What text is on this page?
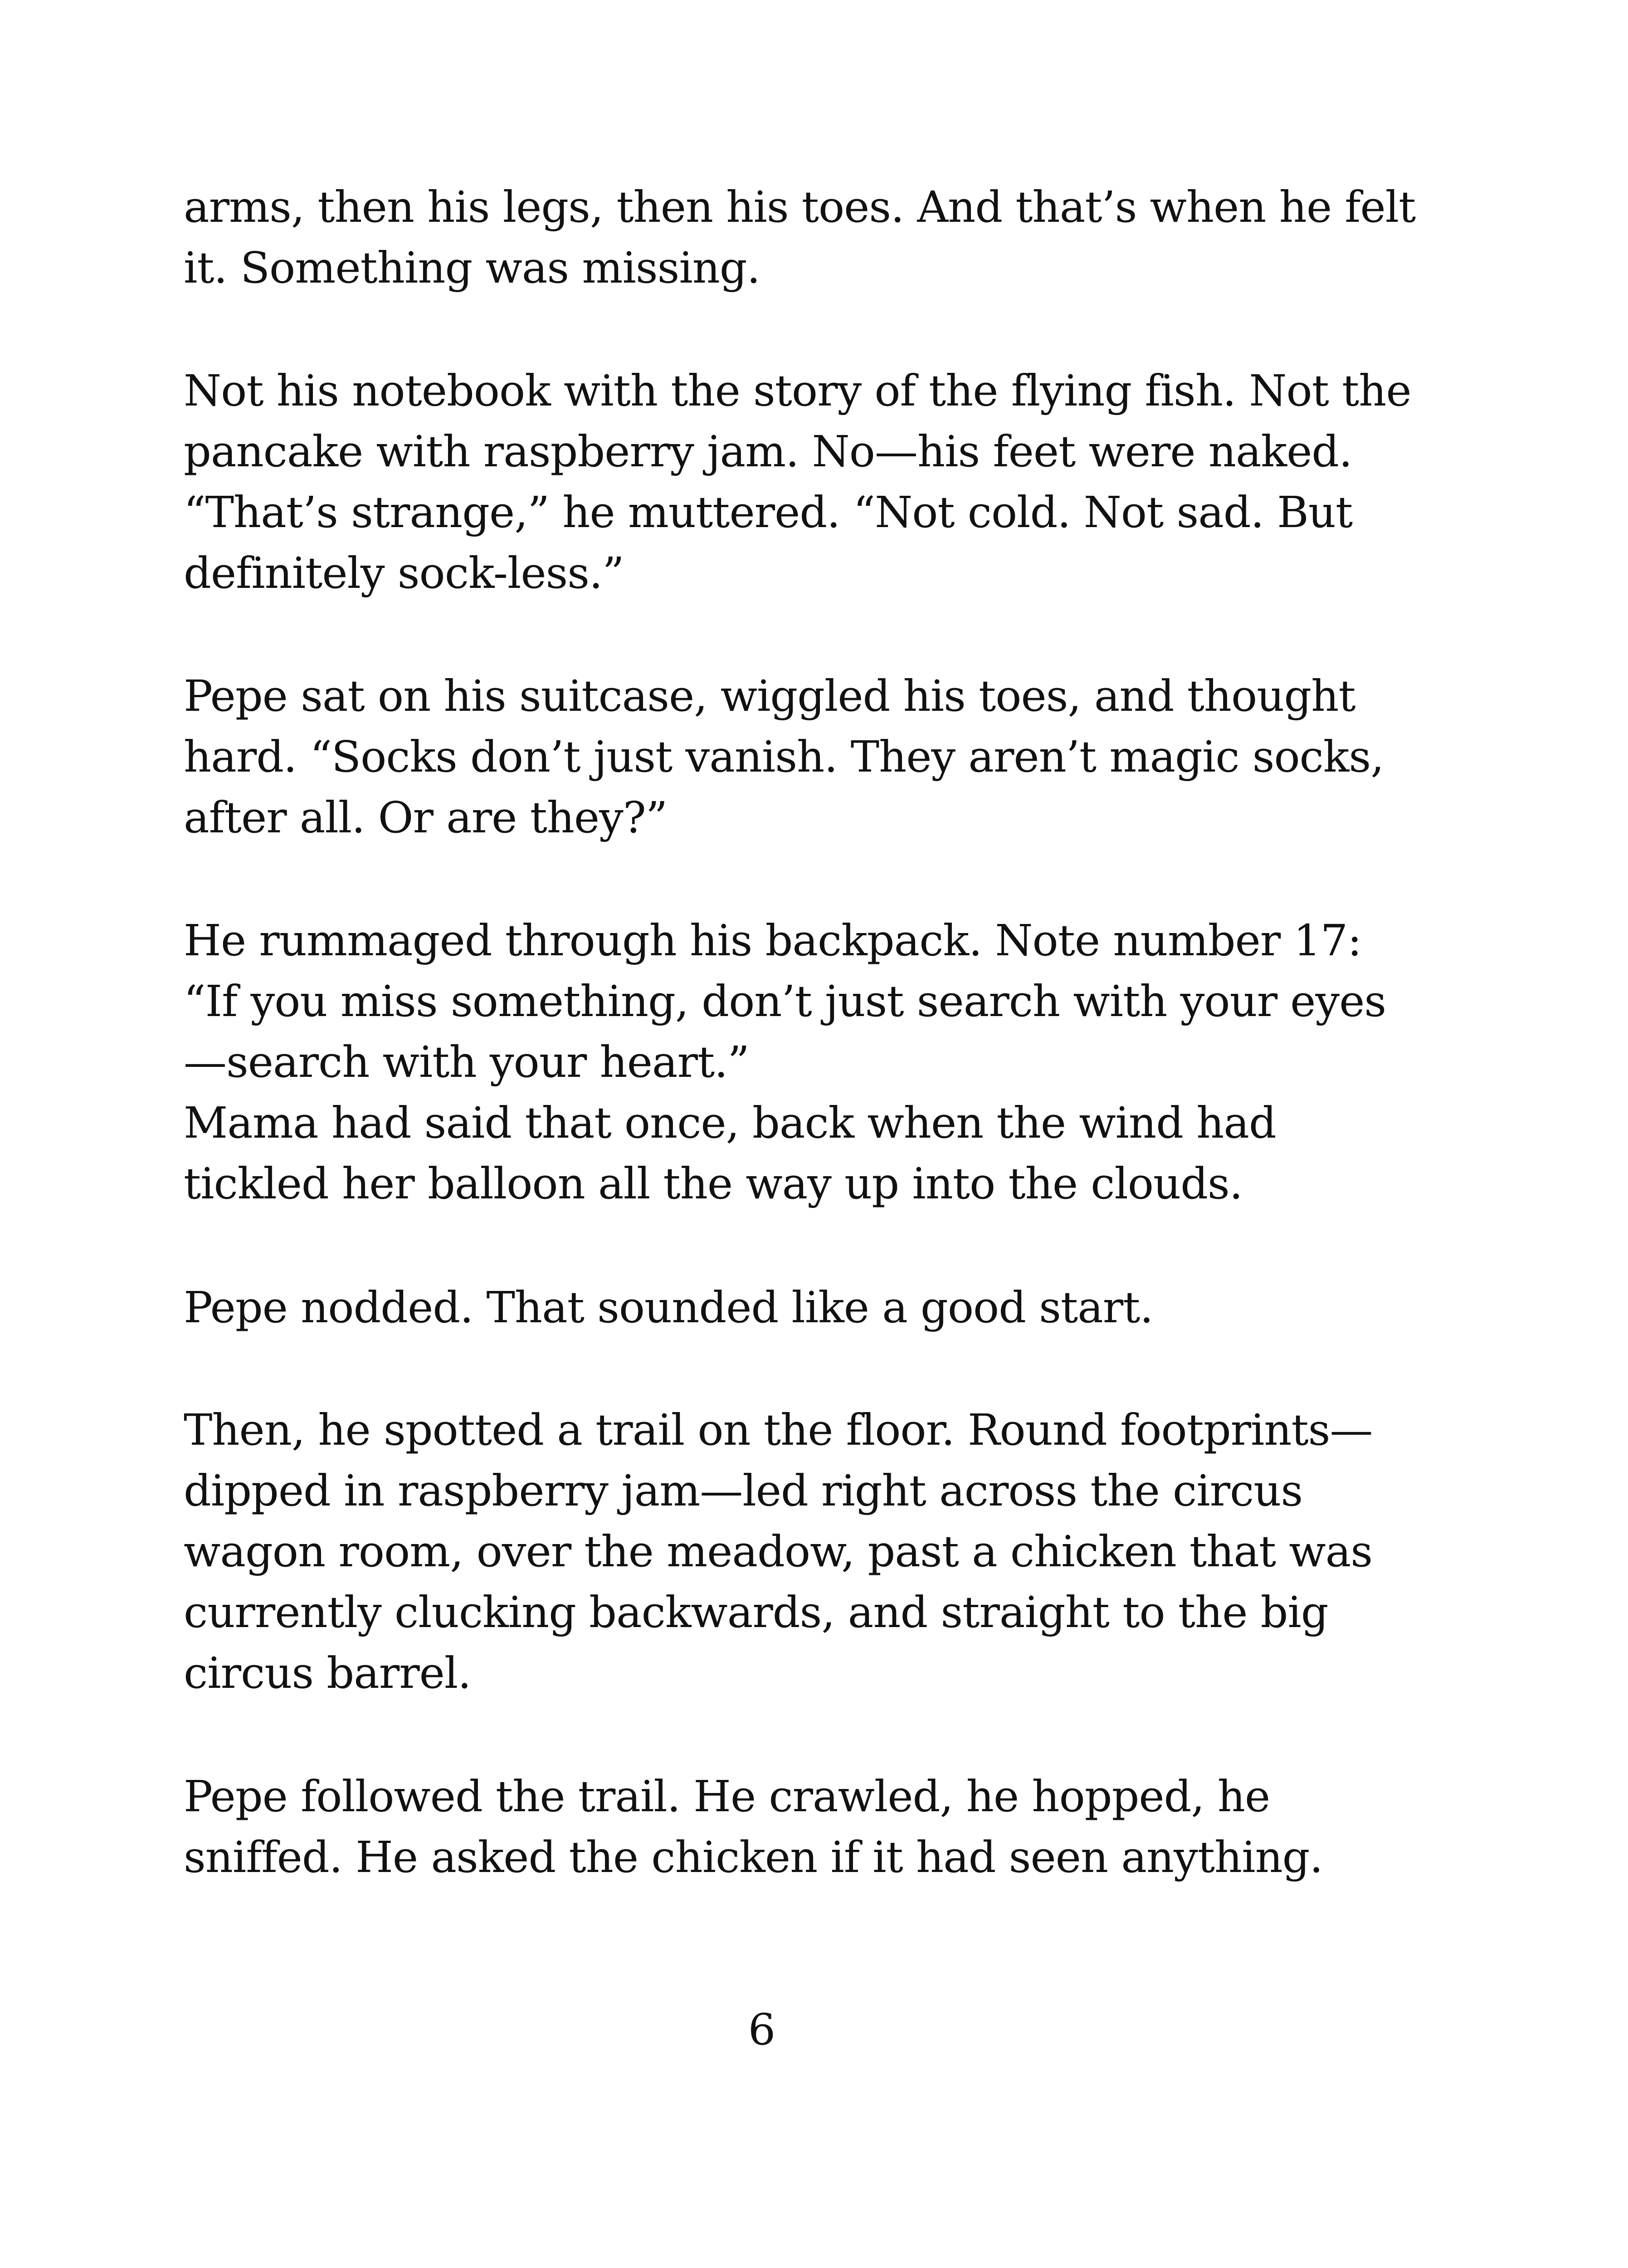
arms, then his legs, then his toes. And that’s when he felt

it. Something was missing.

Not his notebook with the story of the flying fish. Not the

pancake with raspberry jam. No—his feet were naked.

“That’s strange,” he muttered. “Not cold. Not sad. But

definitely sock-less.”

Pepe sat on his suitcase, wiggled his toes, and thought

hard. “Socks don’t just vanish. They aren’t magic socks,

after all. Or are they?”

He rummaged through his backpack. Note number 17:

“If you miss something, don’t just search with your eyes

—search with your heart.”

Mama had said that once, back when the wind had

tickled her balloon all the way up into the clouds.

Pepe nodded. That sounded like a good start.

Then, he spotted a trail on the floor. Round footprints—

dipped in raspberry jam—led right across the circus

wagon room, over the meadow, past a chicken that was

currently clucking backwards, and straight to the big

circus barrel.

Pepe followed the trail. He crawled, he hopped, he

sniffed. He asked the chicken if it had seen anything.

6
